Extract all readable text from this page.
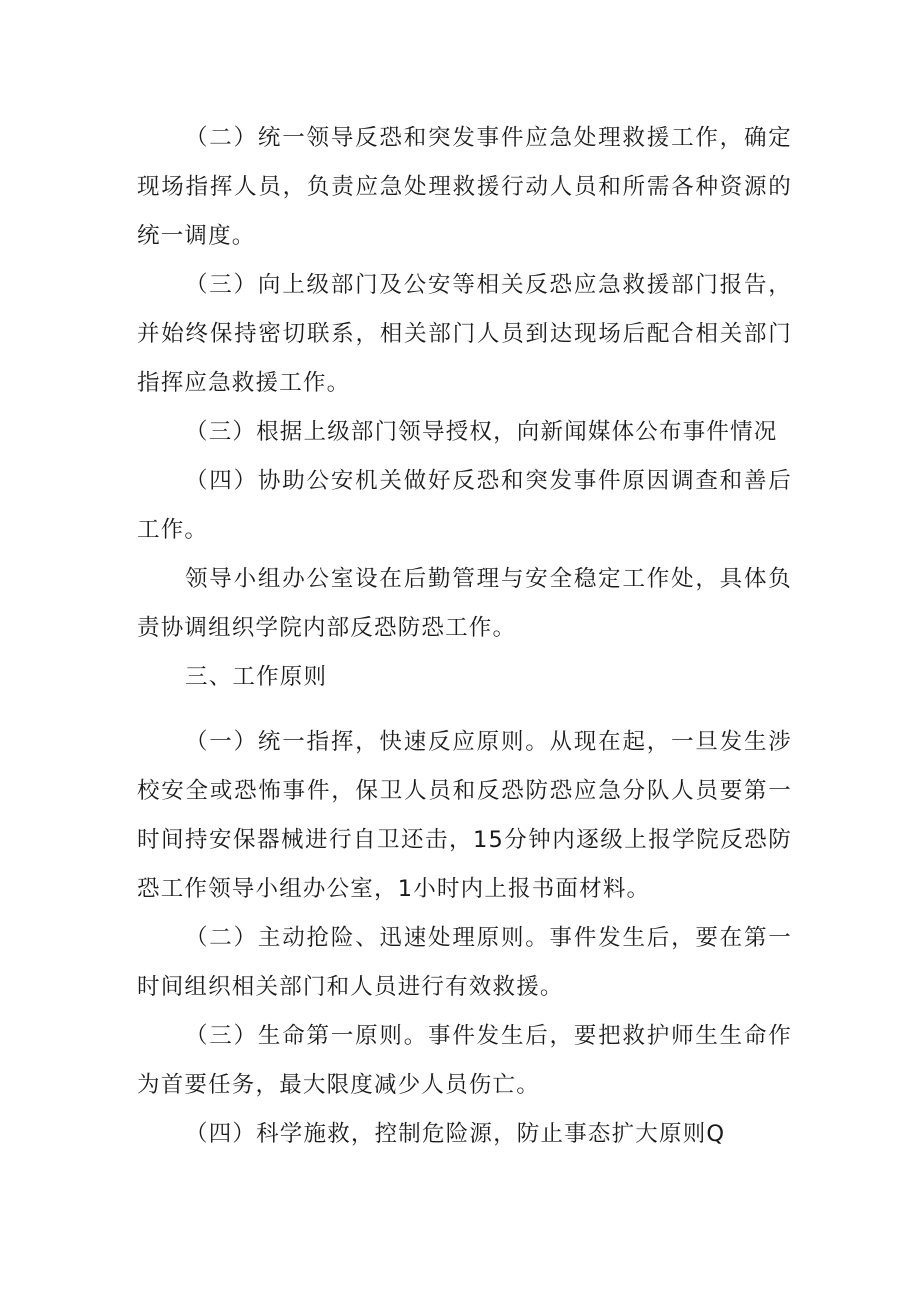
（二）统一领导反恐和突发事件应急处理救援工作，确定现场指挥人员，负责应急处理救援行动人员和所需各种资源的统一调度。

（三）向上级部门及公安等相关反恐应急救援部门报告，并始终保持密切联系，相关部门人员到达现场后配合相关部门指挥应急救援工作。

（三）根据上级部门领导授权，向新闻媒体公布事件情况

（四）协助公安机关做好反恐和突发事件原因调查和善后工作。

领导小组办公室设在后勤管理与安全稳定工作处，具体负责协调组织学院内部反恐防恐工作。

三、工作原则

（一）统一指挥，快速反应原则。从现在起，一旦发生涉校安全或恐怖事件，保卫人员和反恐防恐应急分队人员要第一时间持安保器械进行自卫还击，15分钟内逐级上报学院反恐防恐工作领导小组办公室，1小时内上报书面材料。

（二）主动抢险、迅速处理原则。事件发生后，要在第一时间组织相关部门和人员进行有效救援。

（三）生命第一原则。事件发生后，要把救护师生生命作为首要任务，最大限度减少人员伤亡。

（四）科学施救，控制危险源，防止事态扩大原则Q
